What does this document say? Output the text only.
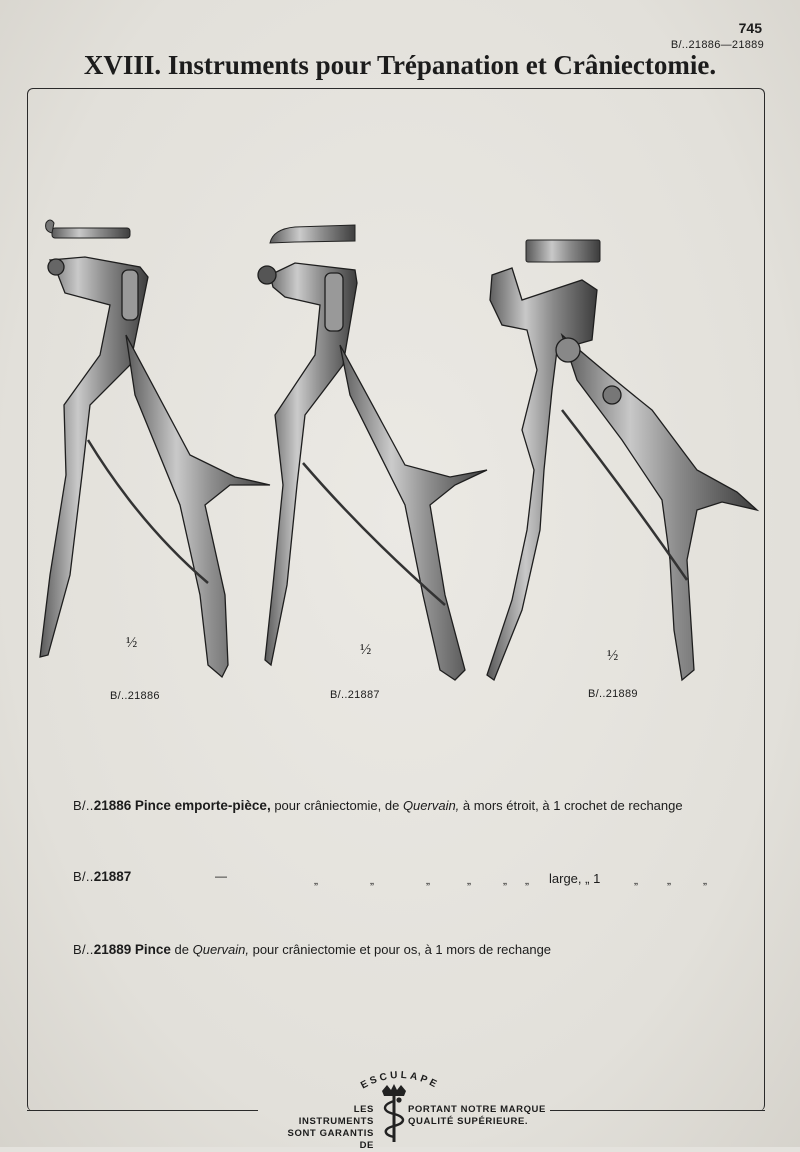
745
B/..21886—21889
XVIII. Instruments pour Trépanation et Crâniectomie.
½	½	½
B/..21886	B/..21887	B/..21889
B/..21886 Pince emporte-pièce, pour crâniectomie, de Quervain, à mors étroit, à 1 crochet de rechange
B/..21887	—	„	„	„	„	„ „ large, „ 1	„ „	„
B/..21889 Pince de Quervain, pour crâniectomie et pour os, à 1 mors de rechange
ESCULAPE
LES INSTRUMENTS
SONT GARANTIS DE
PORTANT NOTRE MARQUE
QUALITÉ SUPÉRIEURE.
